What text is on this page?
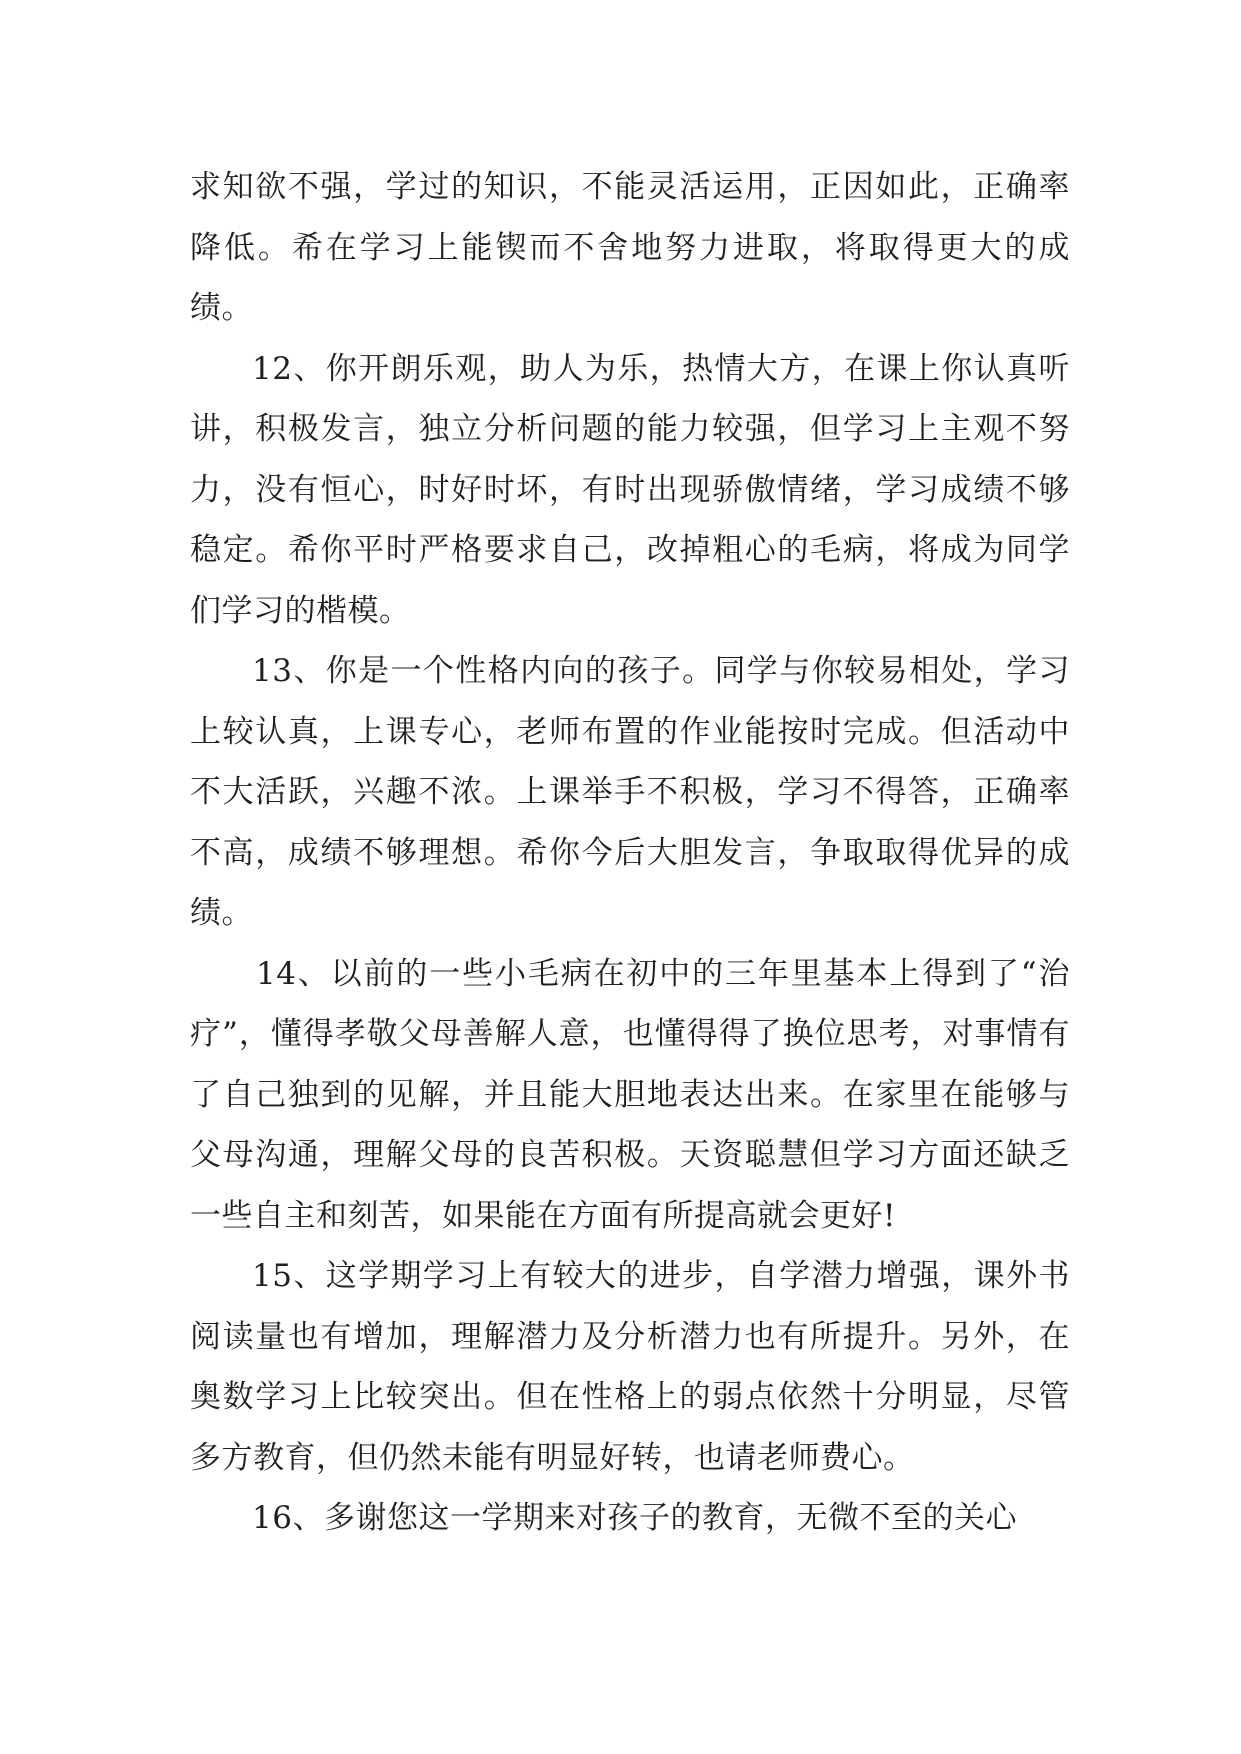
求知欲不强，学过的知识，不能灵活运用，正因如此，正确率降低。希在学习上能锲而不舍地努力进取，将取得更大的成绩。

12、你开朗乐观，助人为乐，热情大方，在课上你认真听讲，积极发言，独立分析问题的能力较强，但学习上主观不努力，没有恒心，时好时坏，有时出现骄傲情绪，学习成绩不够稳定。希你平时严格要求自己，改掉粗心的毛病，将成为同学们学习的楷模。

13、你是一个性格内向的孩子。同学与你较易相处，学习上较认真，上课专心，老师布置的作业能按时完成。但活动中不大活跃，兴趣不浓。上课举手不积极，学习不得答，正确率不高，成绩不够理想。希你今后大胆发言，争取取得优异的成绩。

14、以前的一些小毛病在初中的三年里基本上得到了“治疗”，懂得孝敬父母善解人意，也懂得得了换位思考，对事情有了自己独到的见解，并且能大胆地表达出来。在家里在能够与父母沟通，理解父母的良苦积极。天资聪慧但学习方面还缺乏一些自主和刻苦，如果能在方面有所提高就会更好!

15、这学期学习上有较大的进步，自学潜力增强，课外书阅读量也有增加，理解潜力及分析潜力也有所提升。另外，在奥数学习上比较突出。但在性格上的弱点依然十分明显，尽管多方教育，但仍然未能有明显好转，也请老师费心。

16、多谢您这一学期来对孩子的教育，无微不至的关心
